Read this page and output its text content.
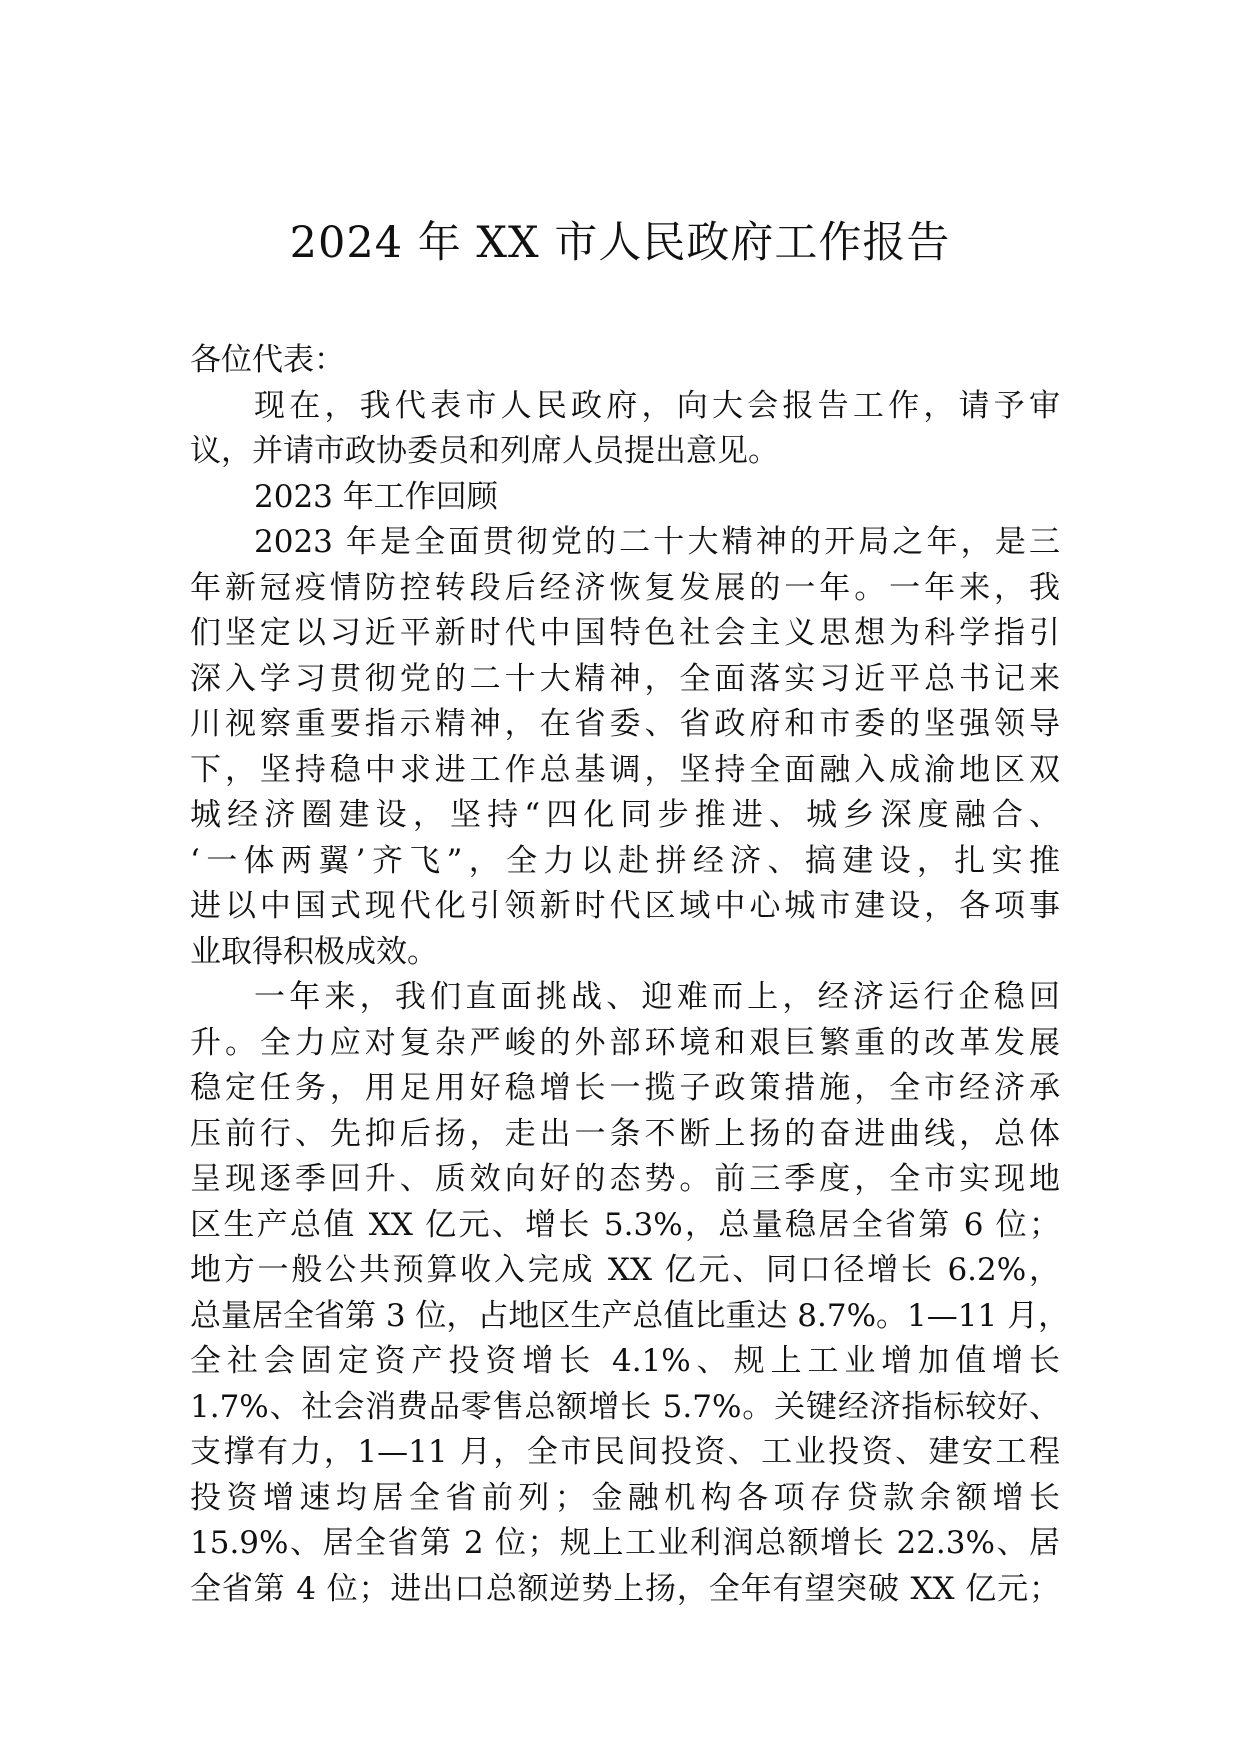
2024 年 XX 市人民政府工作报告
各位代表：
现在，我代表市人民政府，向大会报告工作，请予审
议，并请市政协委员和列席人员提出意见。
2023 年工作回顾
2023 年是全面贯彻党的二十大精神的开局之年，是三
年新冠疫情防控转段后经济恢复发展的一年。一年来，我
们坚定以习近平新时代中国特色社会主义思想为科学指引
深入学习贯彻党的二十大精神，全面落实习近平总书记来
川视察重要指示精神，在省委、省政府和市委的坚强领导
下，坚持稳中求进工作总基调，坚持全面融入成渝地区双
城经济圈建设，坚持“四化同步推进、城乡深度融合、
‘一体两翼’齐飞”，全力以赴拼经济、搞建设，扎实推
进以中国式现代化引领新时代区域中心城市建设，各项事
业取得积极成效。
一年来，我们直面挑战、迎难而上，经济运行企稳回
升。全力应对复杂严峻的外部环境和艰巨繁重的改革发展
稳定任务，用足用好稳增长一揽子政策措施，全市经济承
压前行、先抑后扬，走出一条不断上扬的奋进曲线，总体
呈现逐季回升、质效向好的态势。前三季度，全市实现地
区生产总值 XX 亿元、增长 5.3%，总量稳居全省第 6 位；
地方一般公共预算收入完成 XX 亿元、同口径增长 6.2%，
总量居全省第 3 位，占地区生产总值比重达 8.7%。1—11 月，
全社会固定资产投资增长 4.1%、规上工业增加值增长
1.7%、社会消费品零售总额增长 5.7%。关键经济指标较好、
支撑有力，1—11 月，全市民间投资、工业投资、建安工程
投资增速均居全省前列；金融机构各项存贷款余额增长
15.9%、居全省第 2 位；规上工业利润总额增长 22.3%、居
全省第 4 位；进出口总额逆势上扬，全年有望突破 XX 亿元；
